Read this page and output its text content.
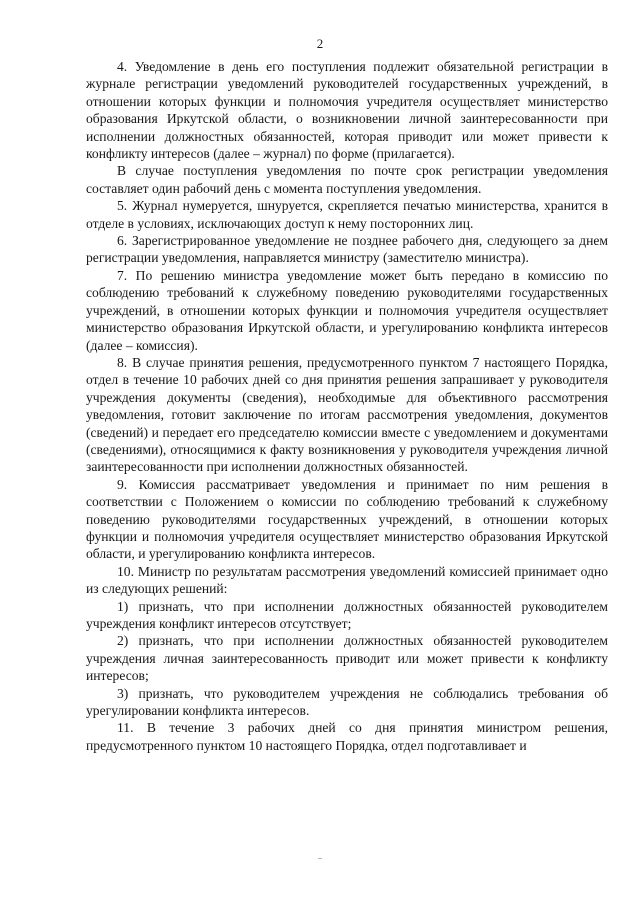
2

4. Уведомление в день его поступления подлежит обязательной регистрации в журнале регистрации уведомлений руководителей государственных учреждений, в отношении которых функции и полномочия учредителя осуществляет министерство образования Иркутской области, о возникновении личной заинтересованности при исполнении должностных обязанностей, которая приводит или может привести к конфликту интересов (далее – журнал) по форме (прилагается).

В случае поступления уведомления по почте срок регистрации уведомления составляет один рабочий день с момента поступления уведомления.

5. Журнал нумеруется, шнуруется, скрепляется печатью министерства, хранится в отделе в условиях, исключающих доступ к нему посторонних лиц.

6. Зарегистрированное уведомление не позднее рабочего дня, следующего за днем регистрации уведомления, направляется министру (заместителю министра).

7. По решению министра уведомление может быть передано в комиссию по соблюдению требований к служебному поведению руководителями государственных учреждений, в отношении которых функции и полномочия учредителя осуществляет министерство образования Иркутской области, и урегулированию конфликта интересов (далее – комиссия).

8. В случае принятия решения, предусмотренного пунктом 7 настоящего Порядка, отдел в течение 10 рабочих дней со дня принятия решения запрашивает у руководителя учреждения документы (сведения), необходимые для объективного рассмотрения уведомления, готовит заключение по итогам рассмотрения уведомления, документов (сведений) и передает его председателю комиссии вместе с уведомлением и документами (сведениями), относящимися к факту возникновения у руководителя учреждения личной заинтересованности при исполнении должностных обязанностей.

9. Комиссия рассматривает уведомления и принимает по ним решения в соответствии с Положением о комиссии по соблюдению требований к служебному поведению руководителями государственных учреждений, в отношении которых функции и полномочия учредителя осуществляет министерство образования Иркутской области, и урегулированию конфликта интересов.

10. Министр по результатам рассмотрения уведомлений комиссией принимает одно из следующих решений:

1) признать, что при исполнении должностных обязанностей руководителем учреждения конфликт интересов отсутствует;

2) признать, что при исполнении должностных обязанностей руководителем учреждения личная заинтересованность приводит или может привести к конфликту интересов;

3) признать, что руководителем учреждения не соблюдались требования об урегулировании конфликта интересов.

11. В течение 3 рабочих дней со дня принятия министром решения, предусмотренного пунктом 10 настоящего Порядка, отдел подготавливает и
